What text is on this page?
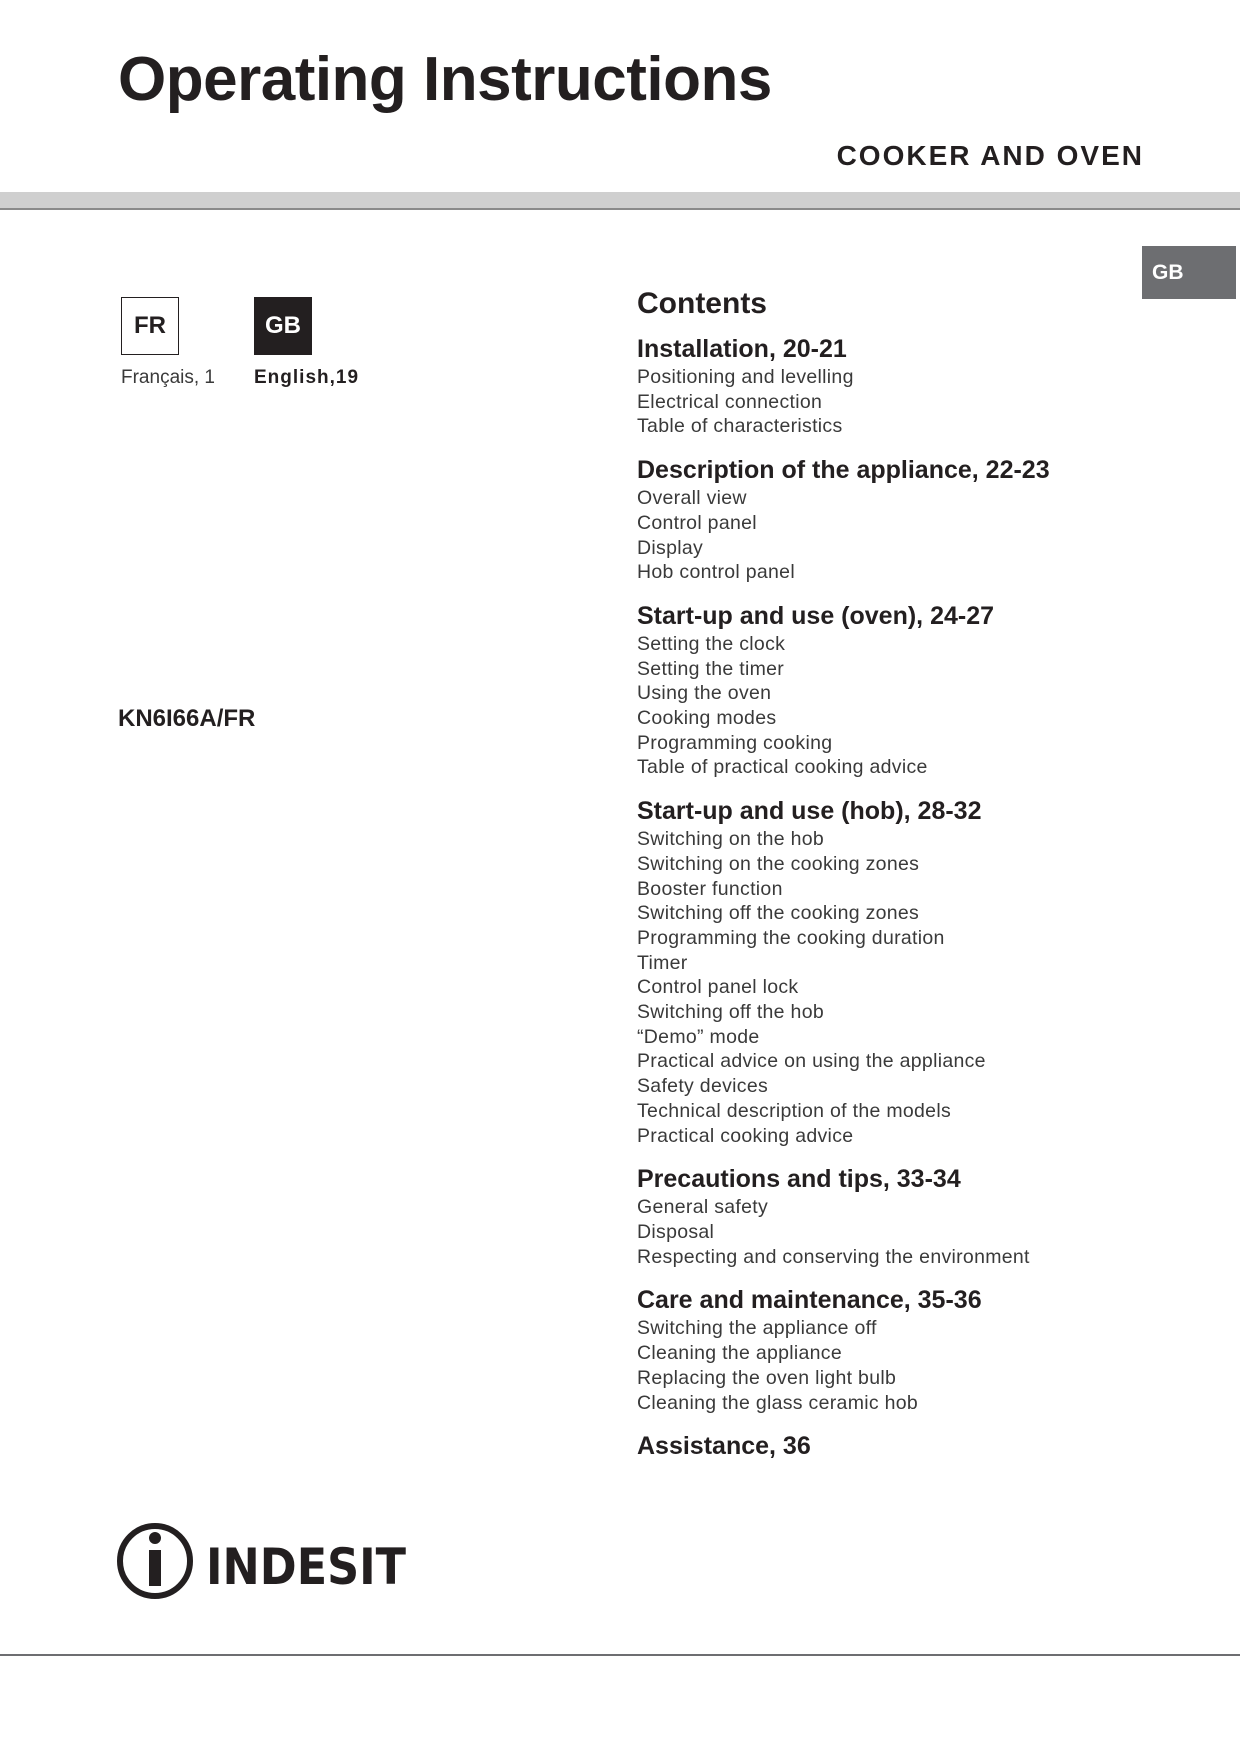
Operating Instructions
COOKER AND OVEN
GB
FR	GB
Français, 1 English,19
KN6I66A/FR
Contents
Installation, 20-21
Positioning and levelling
Electrical connection
Table of characteristics
Description of the appliance, 22-23
Overall view
Control panel
Display
Hob control panel
Start-up and use (oven), 24-27
Setting the clock
Setting the timer
Using the oven
Cooking modes
Programming cooking
Table of practical cooking advice
Start-up and use (hob), 28-32
Switching on the hob
Switching on the cooking zones
Booster function
Switching off the cooking zones
Programming the cooking duration
Timer
Control panel lock
Switching off the hob
“Demo” mode
Practical advice on using the appliance
Safety devices
Technical description of the models
Practical cooking advice
Precautions and tips, 33-34
General safety
Disposal
Respecting and conserving the environment
Care and maintenance, 35-36
Switching the appliance off
Cleaning the appliance
Replacing the oven light bulb
Cleaning the glass ceramic hob
Assistance, 36
INDESIT
